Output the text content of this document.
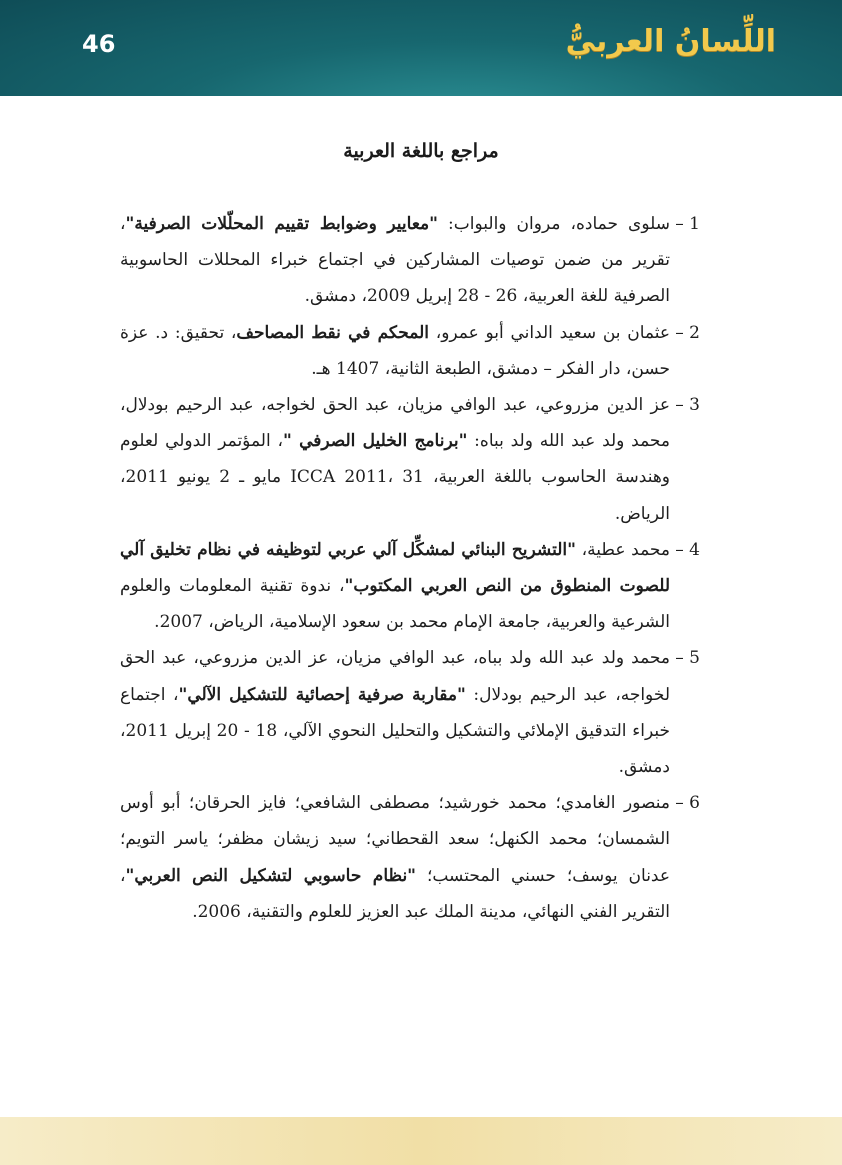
46	اللِّسانُ العربيُّ
مراجع باللغة العربية
1 –
سلوى حماده، مروان والبواب: "معايير وضوابط تقييم المحلّلات الصرفية"، تقرير من ضمن توصيات المشاركين في اجتماع خبراء المحللات الحاسوبية الصرفية للغة العربية، 26 - 28 إبريل 2009، دمشق.
2 –
عثمان بن سعيد الداني أبو عمرو، المحكم في نقط المصاحف، تحقيق: د. عزة حسن، دار الفكر – دمشق، الطبعة الثانية، 1407 هـ.
3 –
عز الدين مزروعي، عبد الوافي مزيان، عبد الحق لخواجه، عبد الرحيم بودلال، محمد ولد عبد الله ولد بباه: "برنامج الخليل الصرفي "، المؤتمر الدولي لعلوم وهندسة الحاسوب باللغة العربية، ICCA 2011، 31 مايو ـ 2 يونيو 2011، الرياض.
4 –
محمد عطية، "التشريح البنائي لمشكِّل آلي عربي لتوظيفه في نظام تخليق آلي للصوت المنطوق من النص العربي المكتوب"، ندوة تقنية المعلومات والعلوم الشرعية والعربية، جامعة الإمام محمد بن سعود الإسلامية، الرياض، 2007.
5 –
محمد ولد عبد الله ولد بباه، عبد الوافي مزيان، عز الدين مزروعي، عبد الحق لخواجه، عبد الرحيم بودلال: "مقاربة صرفية إحصائية للتشكيل الآلي"، اجتماع خبراء التدقيق الإملائي والتشكيل والتحليل النحوي الآلي، 18 - 20 إبريل 2011، دمشق.
6 –
منصور الغامدي؛ محمد خورشيد؛ مصطفى الشافعي؛ فايز الحرقان؛ أبو أوس الشمسان؛ محمد الكنهل؛ سعد القحطاني؛ سيد زيشان مظفر؛ ياسر التويم؛ عدنان يوسف؛ حسني المحتسب؛ "نظام حاسوبي لتشكيل النص العربي"، التقرير الفني النهائي، مدينة الملك عبد العزيز للعلوم والتقنية، 2006.
